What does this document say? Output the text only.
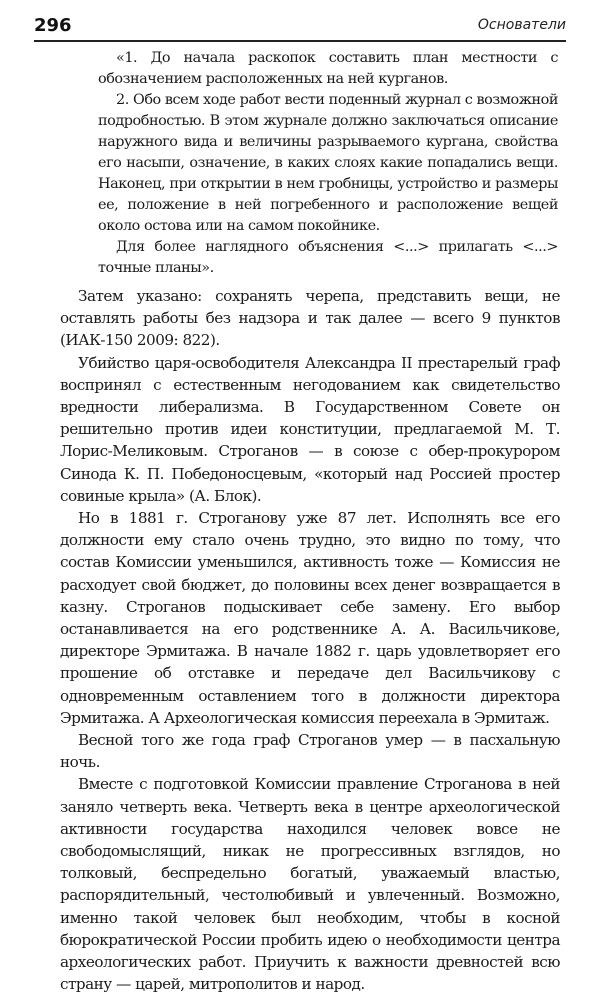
296	Основатели

«1. До начала раскопок составить план местности с обозначением расположенных на ней курганов.

2. Обо всем ходе работ вести поденный журнал с возможной подробностью. В этом журнале должно заключаться описание наружного вида и величины разрываемого кургана, свойства его насыпи, означение, в каких слоях какие попадались вещи. Наконец, при открытии в нем гробницы, устройство и размеры ее, положение в ней погребенного и расположение вещей около остова или на самом покойнике.

Для более наглядного объяснения <...> прилагать <...> точные планы».

Затем указано: сохранять черепа, представить вещи, не оставлять работы без надзора и так далее — всего 9 пунктов (ИАК-150 2009: 822).

Убийство царя-освободителя Александра II престарелый граф воспринял с естественным негодованием как свидетельство вредности либерализма. В Государственном Совете он решительно против идеи конституции, предлагаемой М. Т. Лорис-Меликовым. Строганов — в союзе с обер-прокурором Синода К. П. Победоносцевым, «который над Россией простер совиные крыла» (А. Блок).

Но в 1881 г. Строганову уже 87 лет. Исполнять все его должности ему стало очень трудно, это видно по тому, что состав Комиссии уменьшился, активность тоже — Комиссия не расходует свой бюджет, до половины всех денег возвращается в казну. Строганов подыскивает себе замену. Его выбор останавливается на его родственнике А. А. Васильчикове, директоре Эрмитажа. В начале 1882 г. царь удовлетворяет его прошение об отставке и передаче дел Васильчикову с одновременным оставлением того в должности директора Эрмитажа. А Археологическая комиссия переехала в Эрмитаж.

Весной того же года граф Строганов умер — в пасхальную ночь.

Вместе с подготовкой Комиссии правление Строганова в ней заняло четверть века. Четверть века в центре археологической активности государства находился человек вовсе не свободомыслящий, никак не прогрессивных взглядов, но толковый, беспредельно богатый, уважаемый властью, распорядительный, честолюбивый и увлеченный. Возможно, именно такой человек был необходим, чтобы в косной бюрократической России пробить идею о необходимости центра археологических работ. Приучить к важности древностей всю страну — царей, митрополитов и народ.
